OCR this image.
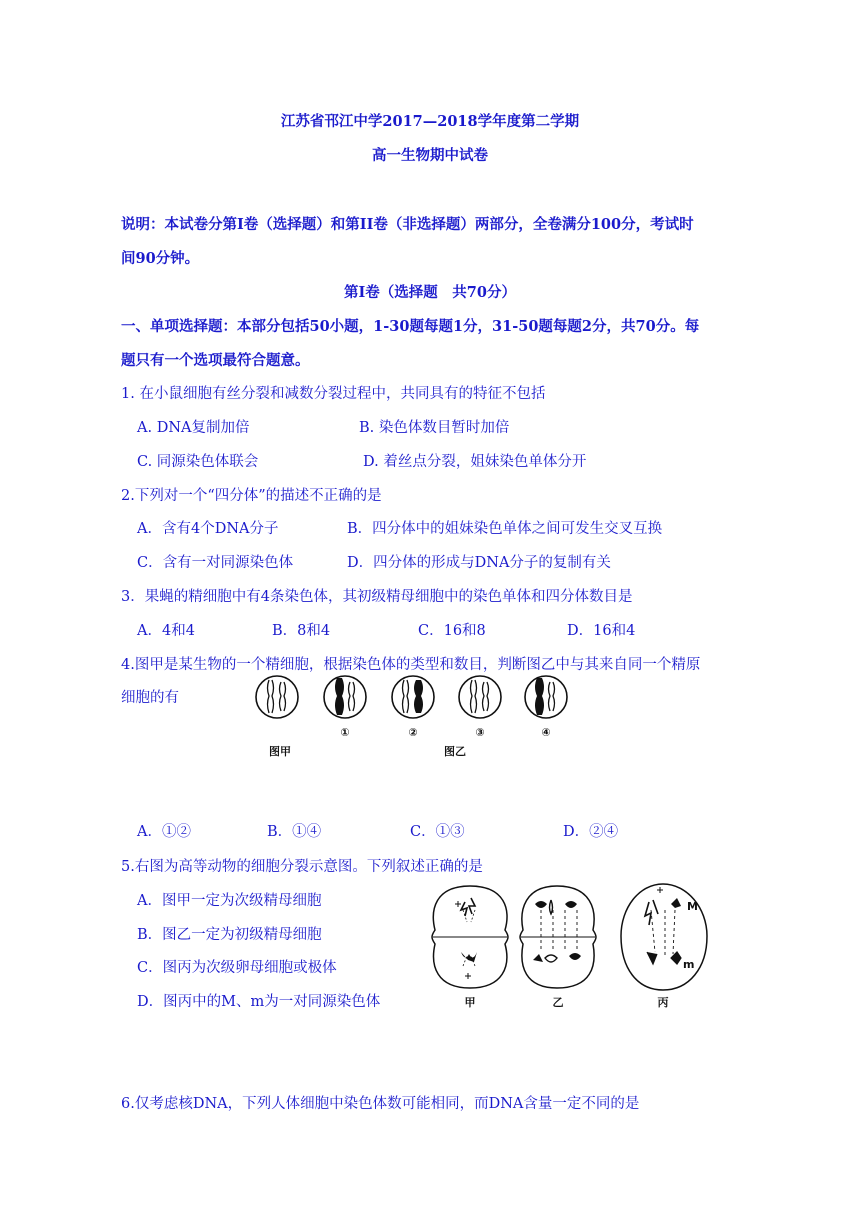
江苏省邗江中学2017—2018学年度第二学期
高一生物期中试卷
说明：本试卷分第Ⅰ卷（选择题）和第II卷（非选择题）两部分，全卷满分100分，考试时
间90分钟。
第Ⅰ卷（选择题　共70分）
一、单项选择题：本部分包括50小题，1-30题每题1分，31-50题每题2分，共70分。每
题只有一个选项最符合题意。
1. 在小鼠细胞有丝分裂和减数分裂过程中，共同具有的特征不包括
A. DNA复制加倍	B. 染色体数目暂时加倍
C. 同源染色体联会	D. 着丝点分裂，姐妹染色单体分开
2.下列对一个“四分体”的描述不正确的是
A．含有4个DNA分子	B．四分体中的姐妹染色单体之间可发生交叉互换
C．含有一对同源染色体	D．四分体的形成与DNA分子的复制有关
3．果蝇的精细胞中有4条染色体，其初级精母细胞中的染色单体和四分体数目是
A．4和4	B．8和4	C．16和8	D．16和4
4.图甲是某生物的一个精细胞，根据染色体的类型和数目，判断图乙中与其来自同一个精原
细胞的有
①	②	③	④
图甲	图乙
A．①②	B．①④	C．①③	D．②④
5.右图为高等动物的细胞分裂示意图。下列叙述正确的是
A．图甲一定为次级精母细胞
B．图乙一定为初级精母细胞
C．图丙为次级卵母细胞或极体
D．图丙中的M、m为一对同源染色体
M
m
甲	乙	丙
6.仅考虑核DNA，下列人体细胞中染色体数可能相同，而DNA含量一定不同的是
